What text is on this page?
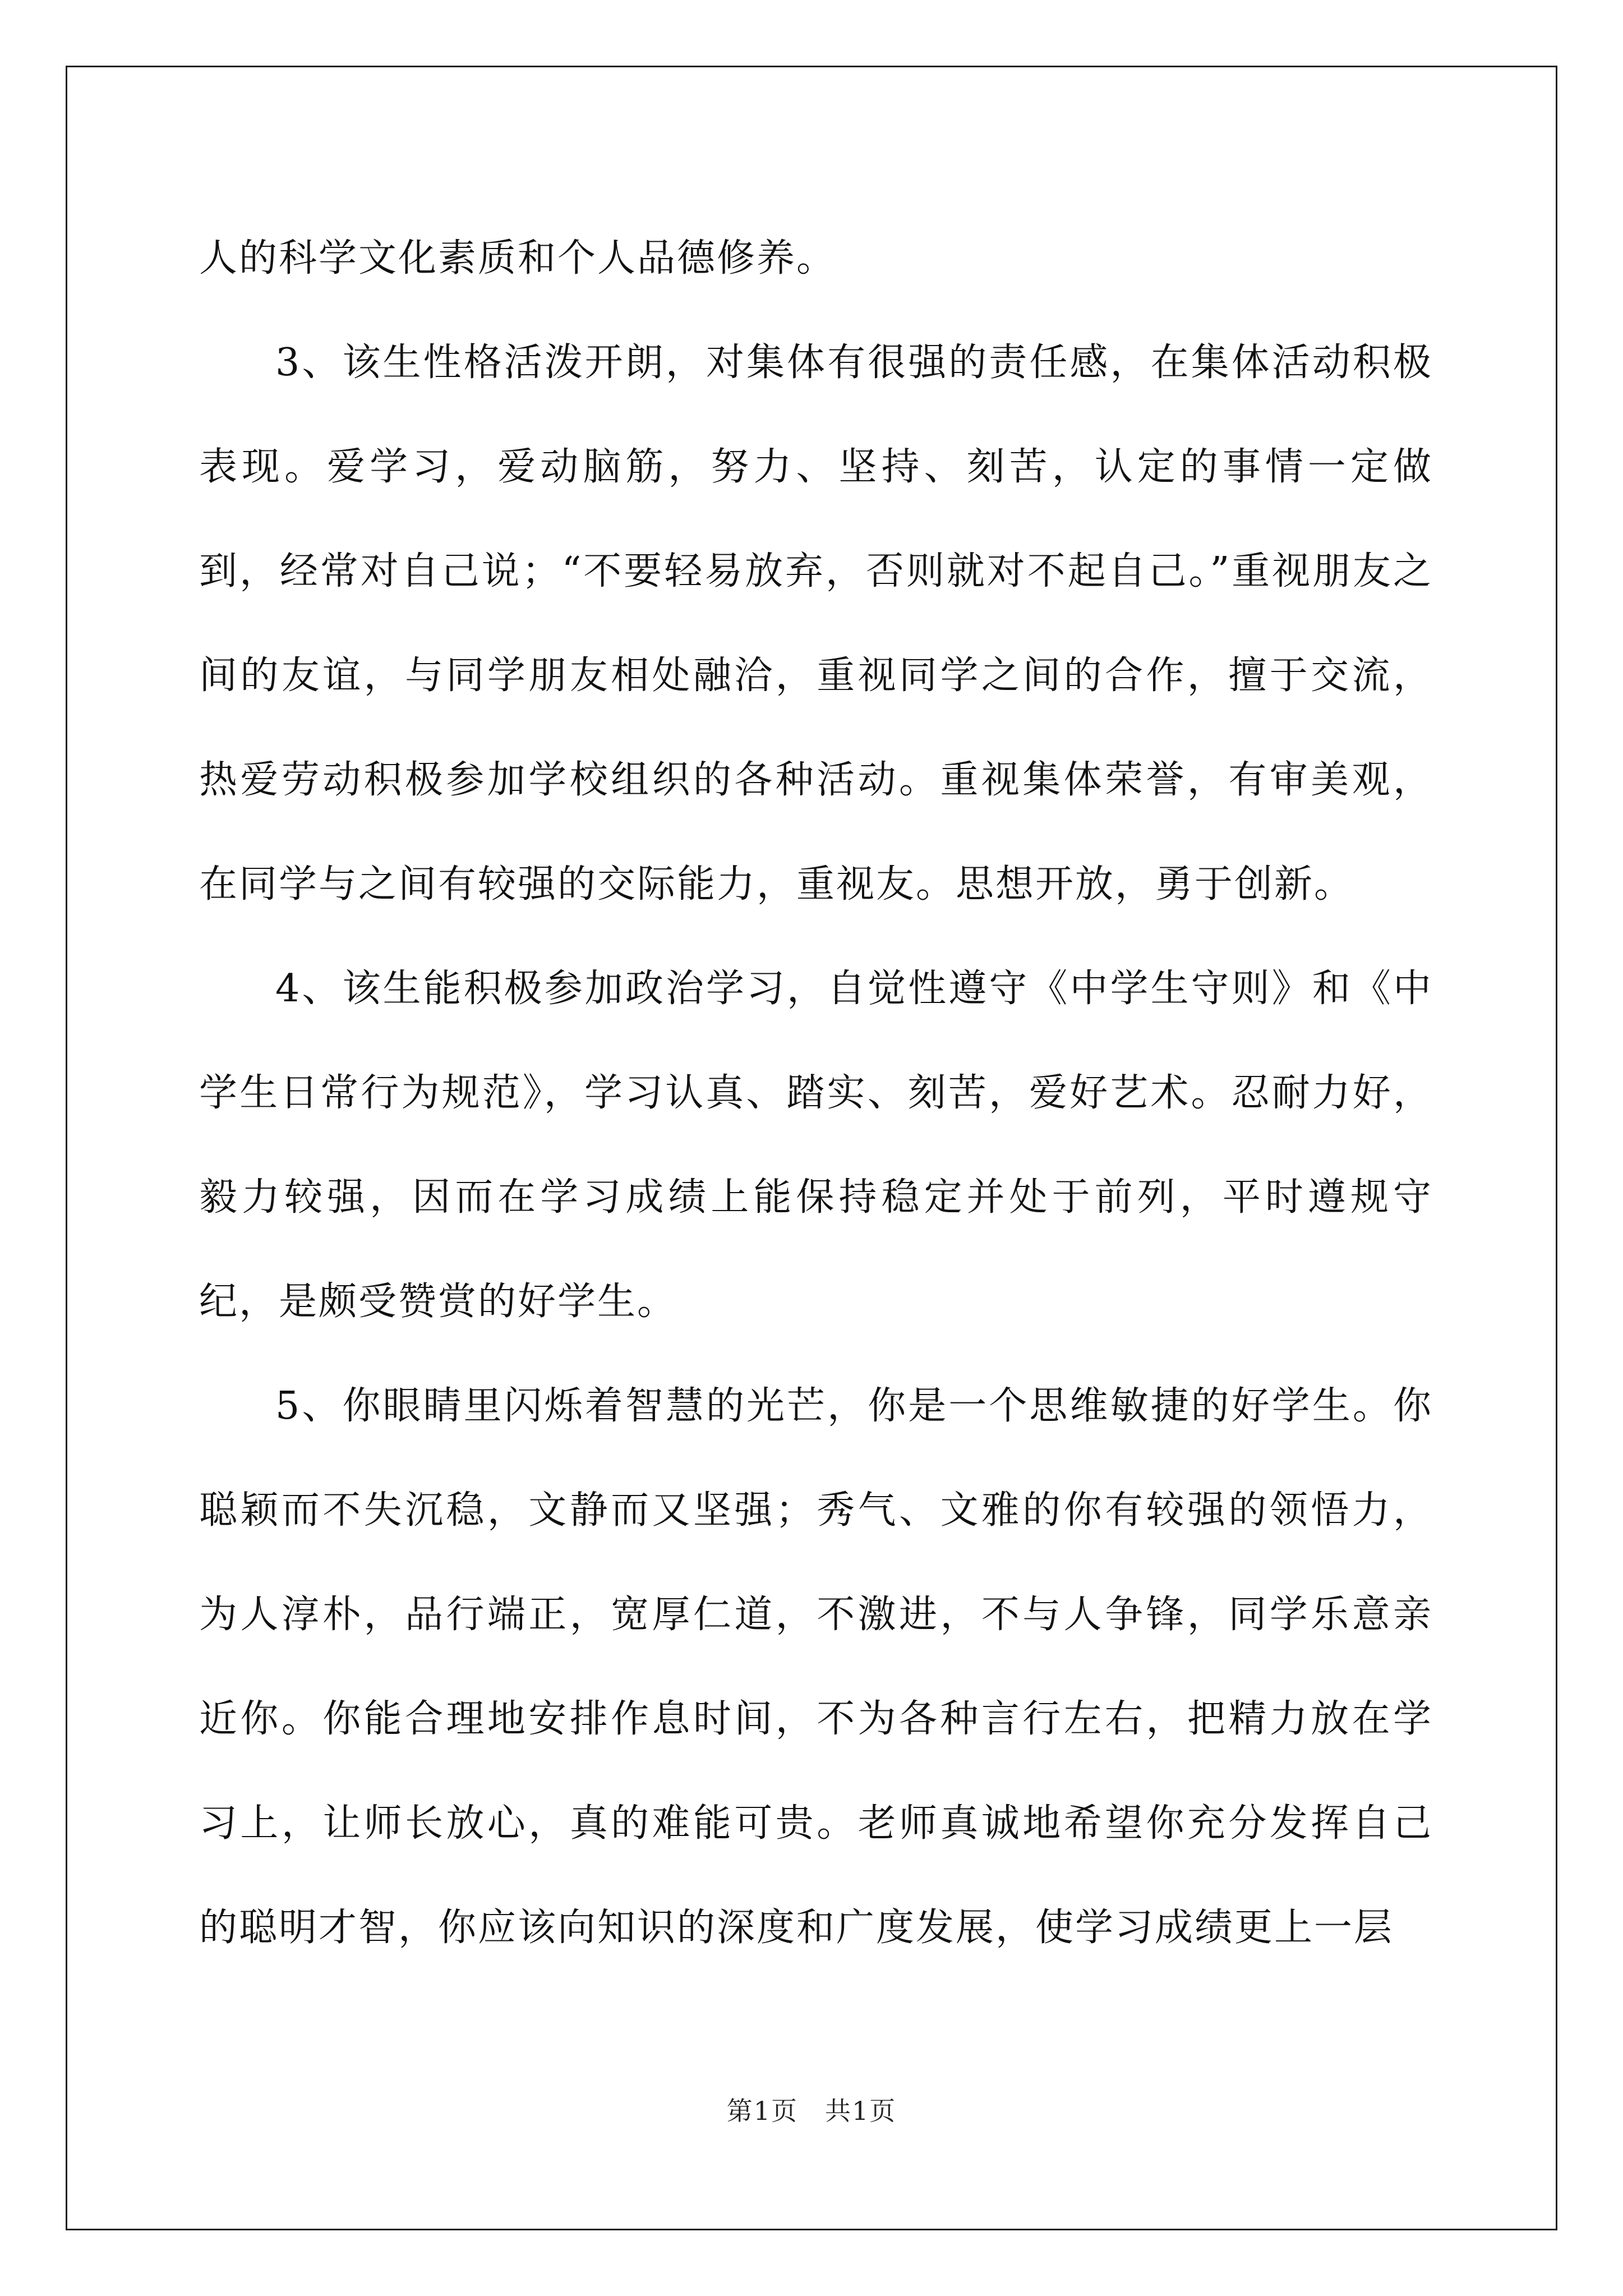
人的科学文化素质和个人品德修养。

3、该生性格活泼开朗，对集体有很强的责任感，在集体活动积极表现。爱学习，爱动脑筋，努力、坚持、刻苦，认定的事情一定做到，经常对自己说；“不要轻易放弃，否则就对不起自己。”重视朋友之间的友谊，与同学朋友相处融洽，重视同学之间的合作，擅于交流，热爱劳动积极参加学校组织的各种活动。重视集体荣誉，有审美观，在同学与之间有较强的交际能力，重视友。思想开放，勇于创新。

4、该生能积极参加政治学习，自觉性遵守《中学生守则》和《中学生日常行为规范》，学习认真、踏实、刻苦，爱好艺术。忍耐力好，毅力较强，因而在学习成绩上能保持稳定并处于前列，平时遵规守纪，是颇受赞赏的好学生。

5、你眼睛里闪烁着智慧的光芒，你是一个思维敏捷的好学生。你聪颖而不失沉稳，文静而又坚强；秀气、文雅的你有较强的领悟力，为人淳朴，品行端正，宽厚仁道，不激进，不与人争锋，同学乐意亲近你。你能合理地安排作息时间，不为各种言行左右，把精力放在学习上，让师长放心，真的难能可贵。老师真诚地希望你充分发挥自己的聪明才智，你应该向知识的深度和广度发展，使学习成绩更上一层

第1页 共1页
